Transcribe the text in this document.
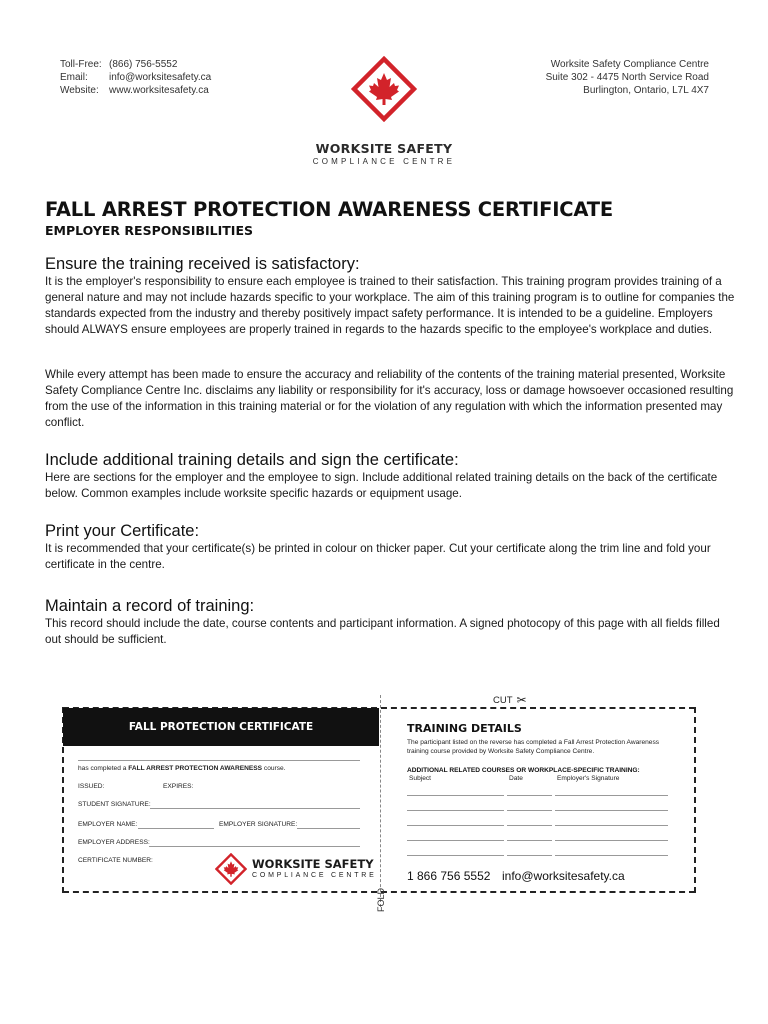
Toll-Free: (866) 756-5552
Email:	info@worksitesafety.ca
Website:	www.worksitesafety.ca
Worksite Safety Compliance Centre
Suite 302 - 4475 North Service Road
Burlington, Ontario, L7L 4X7
WORKSITE SAFETY
COMPLIANCE CENTRE
FALL ARREST PROTECTION AWARENESS CERTIFICATE
EMPLOYER RESPONSIBILITIES
Ensure the training received is satisfactory:
It is the employer's responsibility to ensure each employee is trained to their satisfaction. This training program provides training of a general nature and may not include hazards specific to your workplace. The aim of this training program is to outline for companies the standards expected from the industry and thereby positively impact safety performance. It is intended to be a guideline. Employers should ALWAYS ensure employees are properly trained in regards to the hazards specific to the employee's workplace and duties.
While every attempt has been made to ensure the accuracy and reliability of the contents of the training material presented, Worksite Safety Compliance Centre Inc. disclaims any liability or responsibility for it's accuracy, loss or damage howsoever occasioned resulting from the use of the information in this training material or for the violation of any regulation with which the information presented may conflict.
Include additional training details and sign the certificate:
Here are sections for the employer and the employee to sign. Include additional related training details on the back of the certificate below. Common examples include worksite specific hazards or equipment usage.
Print your Certificate:
It is recommended that your certificate(s) be printed in colour on thicker paper. Cut your certificate along the trim line and fold your certificate in the centre.
Maintain a record of training:
This record should include the date, course contents and participant information. A signed photocopy of this page with all fields filled out should be sufficient.
CUT ✂
FALL PROTECTION CERTIFICATE
has completed a FALL ARREST PROTECTION AWARENESS course.
ISSUED:	EXPIRES:
STUDENT SIGNATURE:
EMPLOYER NAME:	EMPLOYER SIGNATURE:
EMPLOYER ADDRESS:
CERTIFICATE NUMBER:	WORKSITE SAFETY
COMPLIANCE CENTRE
TRAINING DETAILS
The participant listed on the reverse has completed a Fall Arrest Protection Awareness training course provided by Worksite Safety Compliance Centre.
ADDITIONAL RELATED COURSES OR WORKPLACE-SPECIFIC TRAINING:
Subject	Date	Employer's Signature
1 866 756 5552 info@worksitesafety.ca
FOLD
